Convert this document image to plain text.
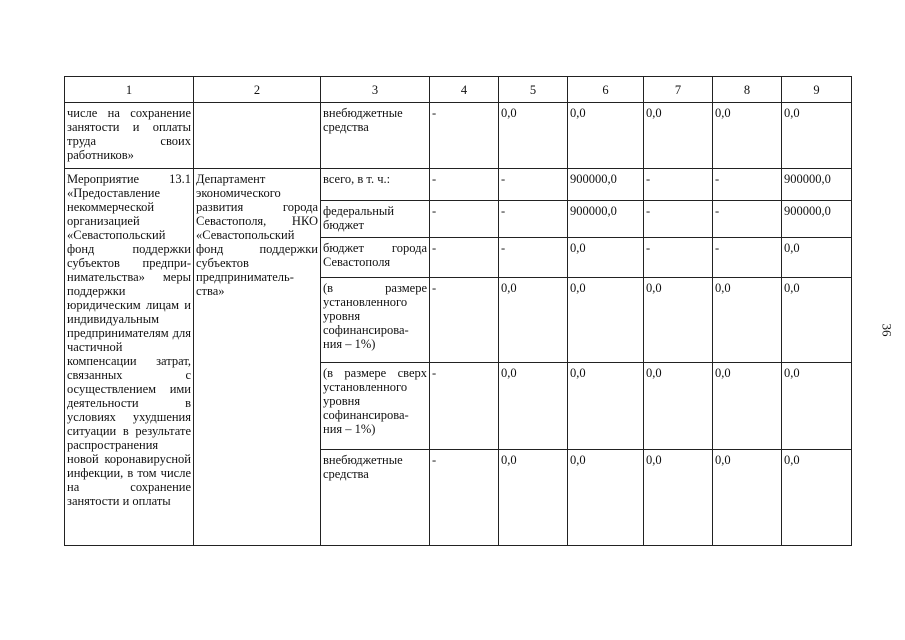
1	2	3	4	5	6	7	8	9
числе на сохранение занятости и оплаты труда своих работников»		внебюджетные средства	-	0,0	0,0	0,0	0,0	0,0
Мероприятие 13.1 «Предоставление некоммерческой организацией «Севастопольский фонд поддержки субъектов предпри-нимательства» меры поддержки юридическим лицам и индивидуальным предпринимателям для частичной компенсации затрат, связанных с осуществлением ими деятельности в условиях ухудшения ситуации в результате распространения новой коронавирусной инфекции, в том числе на сохранение занятости и оплаты	Департамент экономического развития города Севастополя, НКО «Севастопольский фонд поддержки субъектов предприниматель-ства»	всего, в т. ч.:	-	-	900000,0	-	-	900000,0
		федеральный бюджет	-	-	900000,0	-	-	900000,0
		бюджет города Севастополя	-	-	0,0	-	-	0,0
		(в размере установленного уровня софинансирова-ния – 1%)	-	0,0	0,0	0,0	0,0	0,0
		(в размере сверх установленного уровня софинансирова-ния – 1%)	-	0,0	0,0	0,0	0,0	0,0
		внебюджетные средства	-	0,0	0,0	0,0	0,0	0,0
36
